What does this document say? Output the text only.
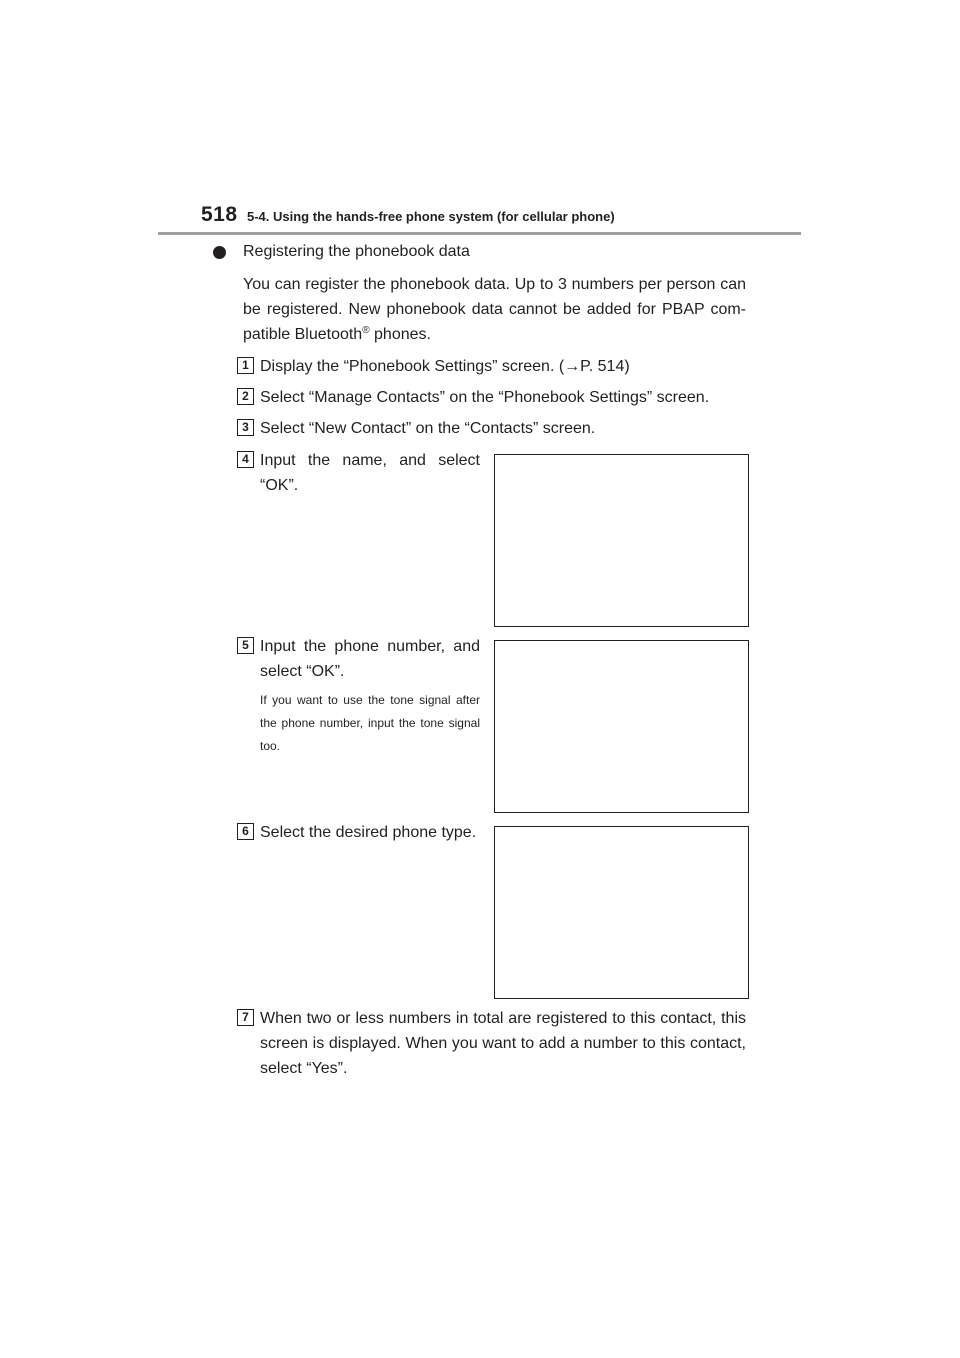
518 5-4. Using the hands-free phone system (for cellular phone)
Registering the phonebook data
You can register the phonebook data. Up to 3 numbers per person can be registered. New phonebook data cannot be added for PBAP com-patible Bluetooth® phones.
1 Display the “Phonebook Settings” screen. (→P. 514)
2 Select “Manage Contacts” on the “Phonebook Settings” screen.
3 Select “New Contact” on the “Contacts” screen.
4 Input the name, and select “OK”.
5 Input the phone number, and select “OK”.
If you want to use the tone signal after the phone number, input the tone signal too.
6 Select the desired phone type.
7 When two or less numbers in total are registered to this contact, this screen is displayed. When you want to add a number to this contact, select “Yes”.
